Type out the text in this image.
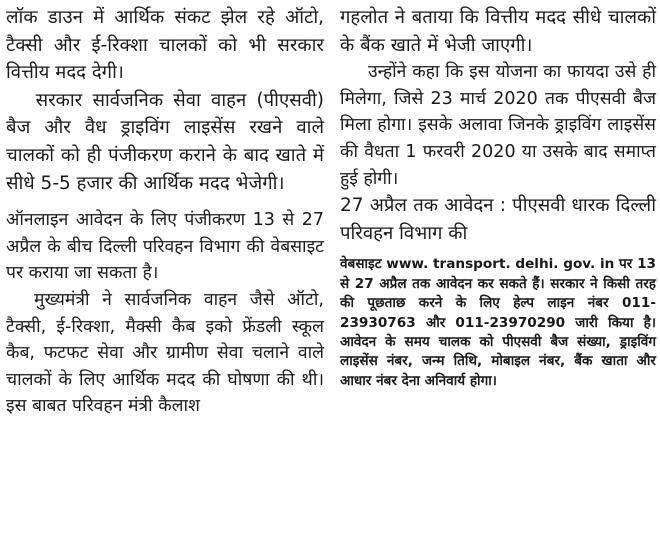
लॉक डाउन में आर्थिक संकट झेल रहे ऑटो, टैक्सी और ई-रिक्शा चालकों को भी सरकार वित्तीय मदद देगी।

सरकार सार्वजनिक सेवा वाहन (पीएसवी) बैज और वैध ड्राइविंग लाइसेंस रखने वाले चालकों को ही पंजीकरण कराने के बाद खाते में सीधे 5-5 हजार की आर्थिक मदद भेजेगी।

ऑनलाइन आवेदन के लिए पंजीकरण 13 से 27 अप्रैल के बीच दिल्ली परिवहन विभाग की वेबसाइट पर कराया जा सकता है।

मुख्यमंत्री ने सार्वजनिक वाहन जैसे ऑटो, टैक्सी, ई-रिक्शा, मैक्सी कैब इको फ्रेंडली स्कूल कैब, फटफट सेवा और ग्रामीण सेवा चलाने वाले चालकों के लिए आर्थिक मदद की घोषणा की थी। इस बाबत परिवहन मंत्री कैलाश

गहलोत ने बताया कि वित्तीय मदद सीधे चालकों के बैंक खाते में भेजी जाएगी।

उन्होंने कहा कि इस योजना का फायदा उसे ही मिलेगा, जिसे 23 मार्च 2020 तक पीएसवी बैज मिला होगा। इसके अलावा जिनके ड्राइविंग लाइसेंस की वैधता 1 फरवरी 2020 या उसके बाद समाप्त हुई होगी।

27 अप्रैल तक आवेदन : पीएसवी धारक दिल्ली परिवहन विभाग की

वेबसाइट www. transport. delhi. gov. in पर 13 से 27 अप्रैल तक आवेदन कर सकते हैं। सरकार ने किसी तरह की पूछताछ करने के लिए हेल्प लाइन नंबर 011-23930763 और 011-23970290 जारी किया है। आवेदन के समय चालक को पीएसवी बैज संख्या, ड्राइविंग लाइसेंस नंबर, जन्म तिथि, मोबाइल नंबर, बैंक खाता और आधार नंबर देना अनिवार्य होगा।
